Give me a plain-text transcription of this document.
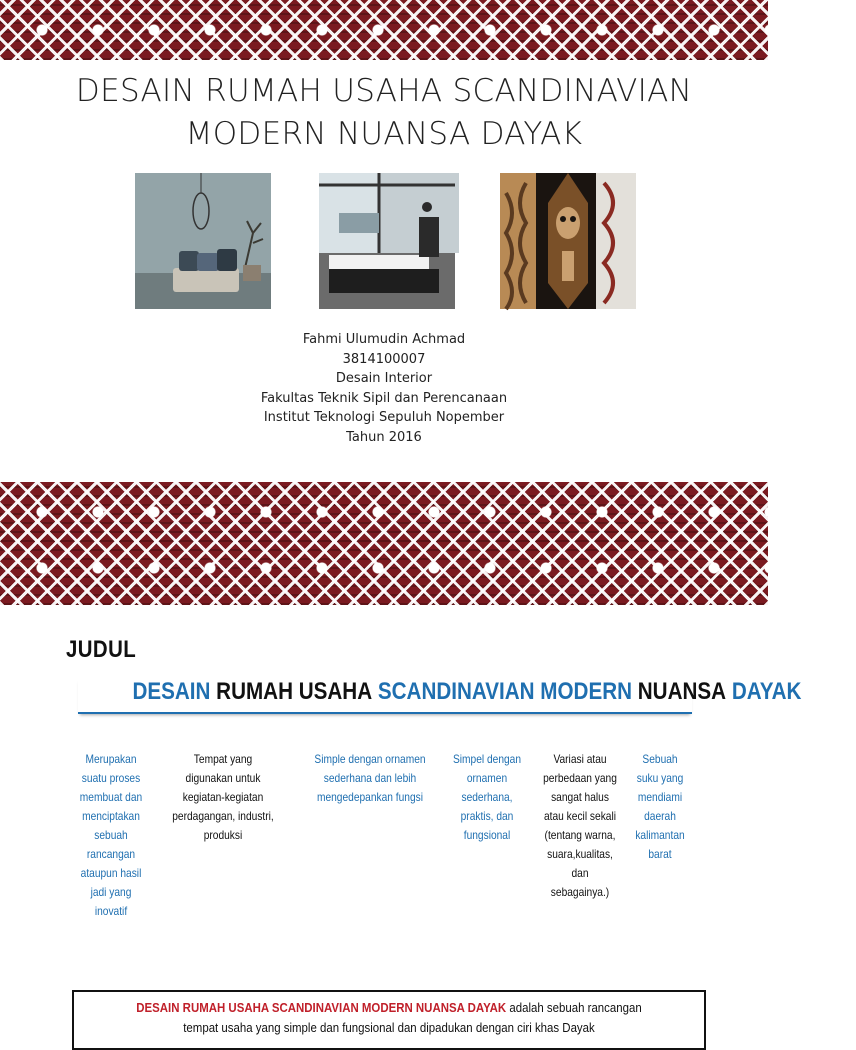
DESAIN RUMAH USAHA SCANDINAVIAN
MODERN NUANSA DAYAK
Fahmi Ulumudin Achmad
3814100007
Desain Interior
Fakultas Teknik Sipil dan Perencanaan
Institut Teknologi Sepuluh Nopember
Tahun 2016
JUDUL
DESAIN RUMAH USAHA SCANDINAVIAN MODERN NUANSA DAYAK
Merupakan suatu proses membuat dan menciptakan sebuah rancangan ataupun hasil jadi yang inovatif
Tempat yang digunakan untuk kegiatan-kegiatan perdagangan, industri, produksi
Simple dengan ornamen sederhana dan lebih mengedepankan fungsi
Simpel dengan ornamen sederhana, praktis, dan fungsional
Variasi atau perbedaan yang sangat halus atau kecil sekali (tentang warna, suara,kualitas, dan sebagainya.)
Sebuah suku yang mendiami daerah kalimantan barat
DESAIN RUMAH USAHA SCANDINAVIAN MODERN NUANSA DAYAK adalah sebuah rancangan tempat usaha yang simple dan fungsional dan dipadukan dengan ciri khas Dayak
